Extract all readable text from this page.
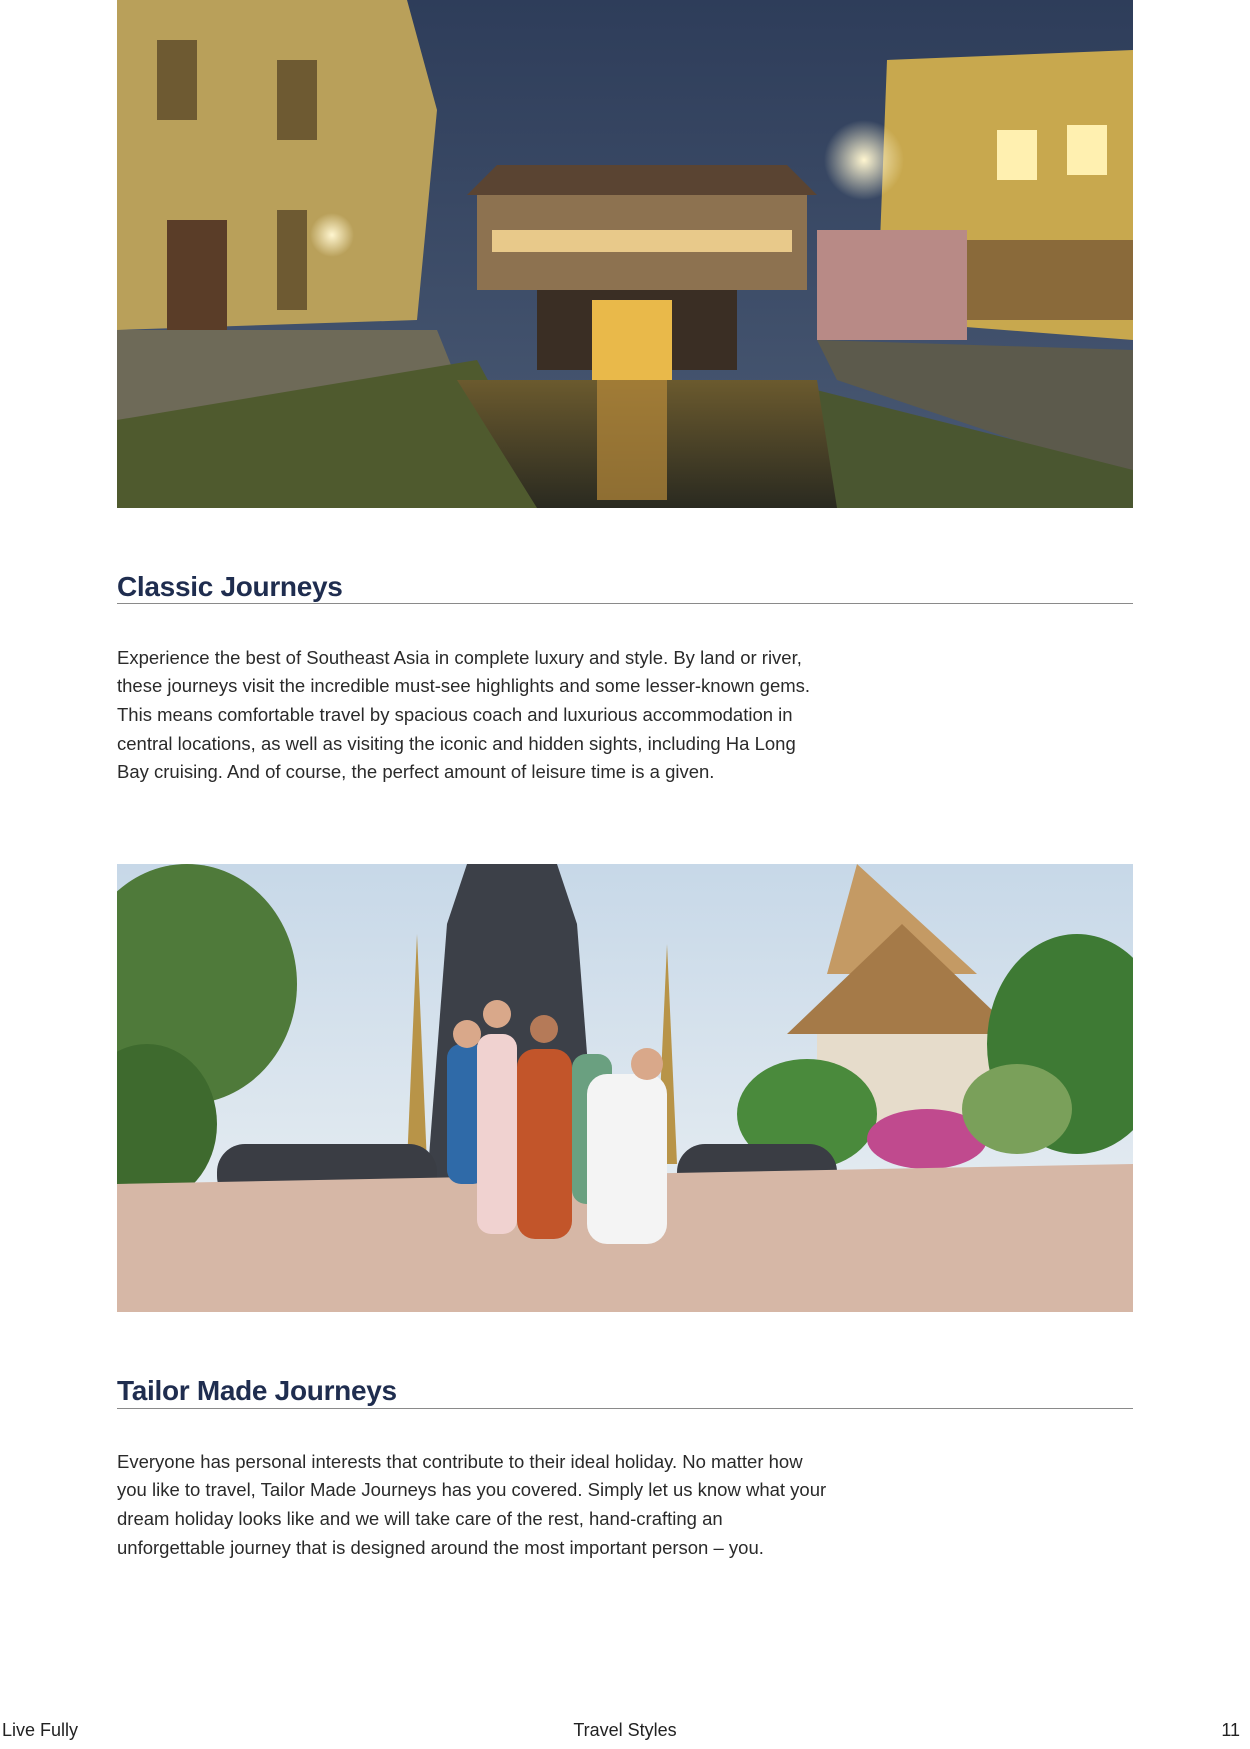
Classic Journeys

Experience the best of Southeast Asia in complete luxury and style. By land or river, these journeys visit the incredible must-see highlights and some lesser-known gems. This means comfortable travel by spacious coach and luxurious accommodation in central locations, as well as visiting the iconic and hidden sights, including Ha Long Bay cruising. And of course, the perfect amount of leisure time is a given.

Tailor Made Journeys

Everyone has personal interests that contribute to their ideal holiday. No matter how you like to travel, Tailor Made Journeys has you covered. Simply let us know what your dream holiday looks like and we will take care of the rest, hand-crafting an unforgettable journey that is designed around the most important person – you.

Live Fully	Travel Styles	11
